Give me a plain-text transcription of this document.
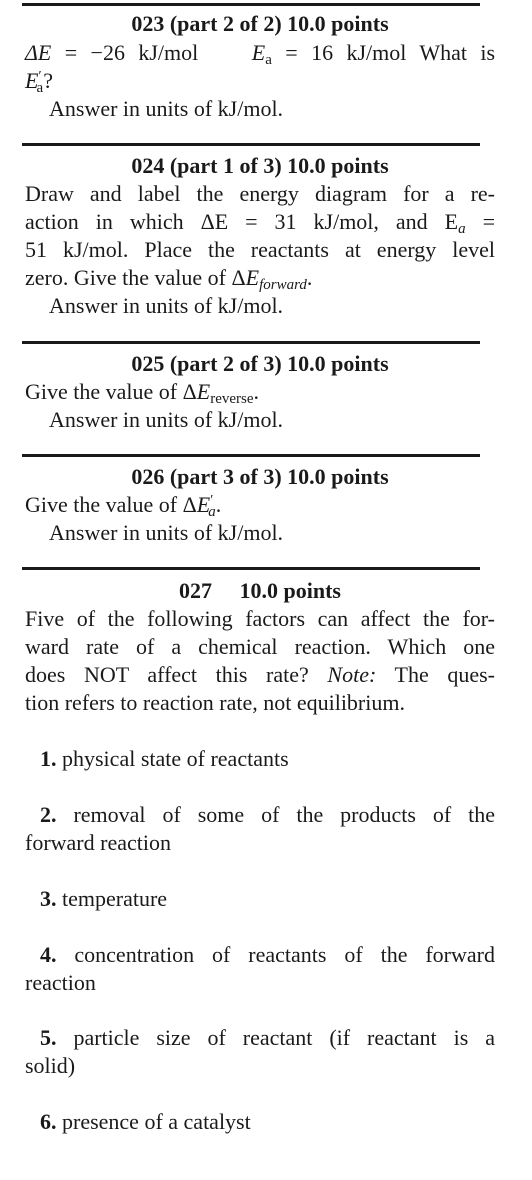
023 (part 2 of 2) 10.0 points
ΔE = −26 kJ/mol $E_a = 16$ kJ/mol What is
$E'_a$?
Answer in units of kJ/mol.
024 (part 1 of 3) 10.0 points
Draw and label the energy diagram for a re-
action in which ΔE = 31 kJ/mol, and $E_a$ =
51 kJ/mol. Place the reactants at energy level
zero. Give the value of $\Delta E_{forward}$.
Answer in units of kJ/mol.
025 (part 2 of 3) 10.0 points
Give the value of $\Delta E_{reverse}$.
Answer in units of kJ/mol.
026 (part 3 of 3) 10.0 points
Give the value of $\Delta E'_a$.
Answer in units of kJ/mol.
027 10.0 points
Five of the following factors can affect the for-
ward rate of a chemical reaction. Which one
does NOT affect this rate? Note: The ques-
tion refers to reaction rate, not equilibrium.
1. physical state of reactants
2. removal of some of the products of the
forward reaction
3. temperature
4. concentration of reactants of the forward
reaction
5. particle size of reactant (if reactant is a
solid)
6. presence of a catalyst
